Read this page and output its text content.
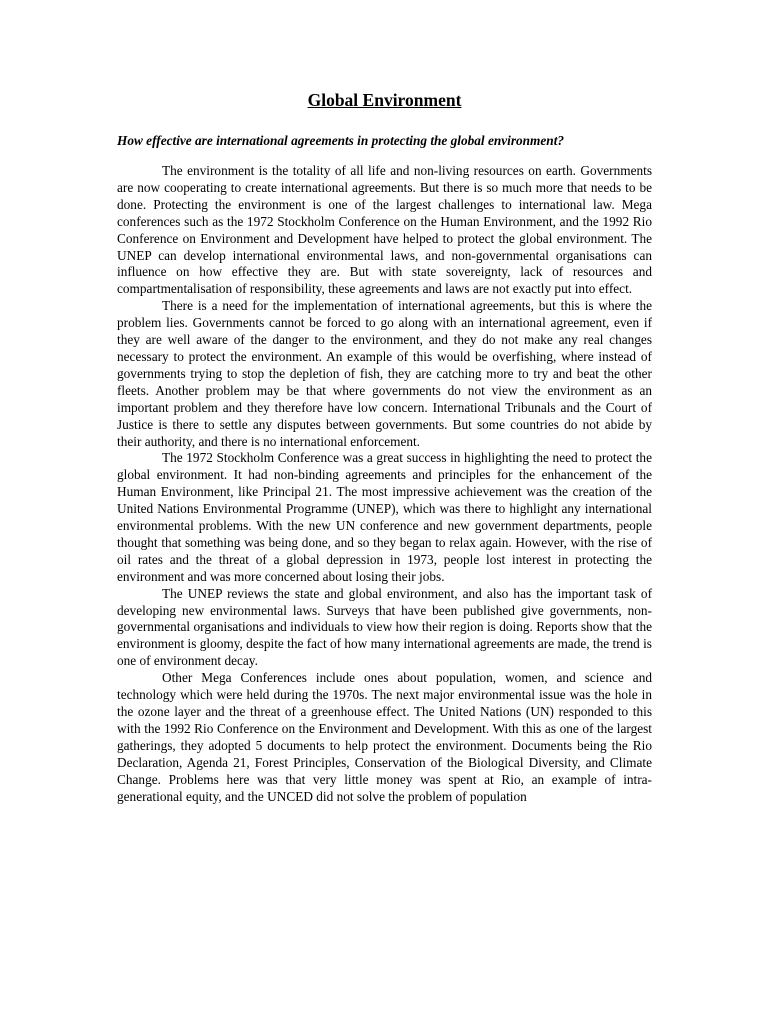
Global Environment

How effective are international agreements in protecting the global environment?

The environment is the totality of all life and non-living resources on earth. Governments are now cooperating to create international agreements. But there is so much more that needs to be done. Protecting the environment is one of the largest challenges to international law. Mega conferences such as the 1972 Stockholm Conference on the Human Environment, and the 1992 Rio Conference on Environment and Development have helped to protect the global environment. The UNEP can develop international environmental laws, and non-governmental organisations can influence on how effective they are. But with state sovereignty, lack of resources and compartmentalisation of responsibility, these agreements and laws are not exactly put into effect.

There is a need for the implementation of international agreements, but this is where the problem lies. Governments cannot be forced to go along with an international agreement, even if they are well aware of the danger to the environment, and they do not make any real changes necessary to protect the environment. An example of this would be overfishing, where instead of governments trying to stop the depletion of fish, they are catching more to try and beat the other fleets. Another problem may be that where governments do not view the environment as an important problem and they therefore have low concern. International Tribunals and the Court of Justice is there to settle any disputes between governments. But some countries do not abide by their authority, and there is no international enforcement.

The 1972 Stockholm Conference was a great success in highlighting the need to protect the global environment. It had non-binding agreements and principles for the enhancement of the Human Environment, like Principal 21. The most impressive achievement was the creation of the United Nations Environmental Programme (UNEP), which was there to highlight any international environmental problems. With the new UN conference and new government departments, people thought that something was being done, and so they began to relax again. However, with the rise of oil rates and the threat of a global depression in 1973, people lost interest in protecting the environment and was more concerned about losing their jobs.

The UNEP reviews the state and global environment, and also has the important task of developing new environmental laws. Surveys that have been published give governments, non-governmental organisations and individuals to view how their region is doing. Reports show that the environment is gloomy, despite the fact of how many international agreements are made, the trend is one of environment decay.

Other Mega Conferences include ones about population, women, and science and technology which were held during the 1970s. The next major environmental issue was the hole in the ozone layer and the threat of a greenhouse effect. The United Nations (UN) responded to this with the 1992 Rio Conference on the Environment and Development. With this as one of the largest gatherings, they adopted 5 documents to help protect the environment. Documents being the Rio Declaration, Agenda 21, Forest Principles, Conservation of the Biological Diversity, and Climate Change. Problems here was that very little money was spent at Rio, an example of intra-generational equity, and the UNCED did not solve the problem of population
